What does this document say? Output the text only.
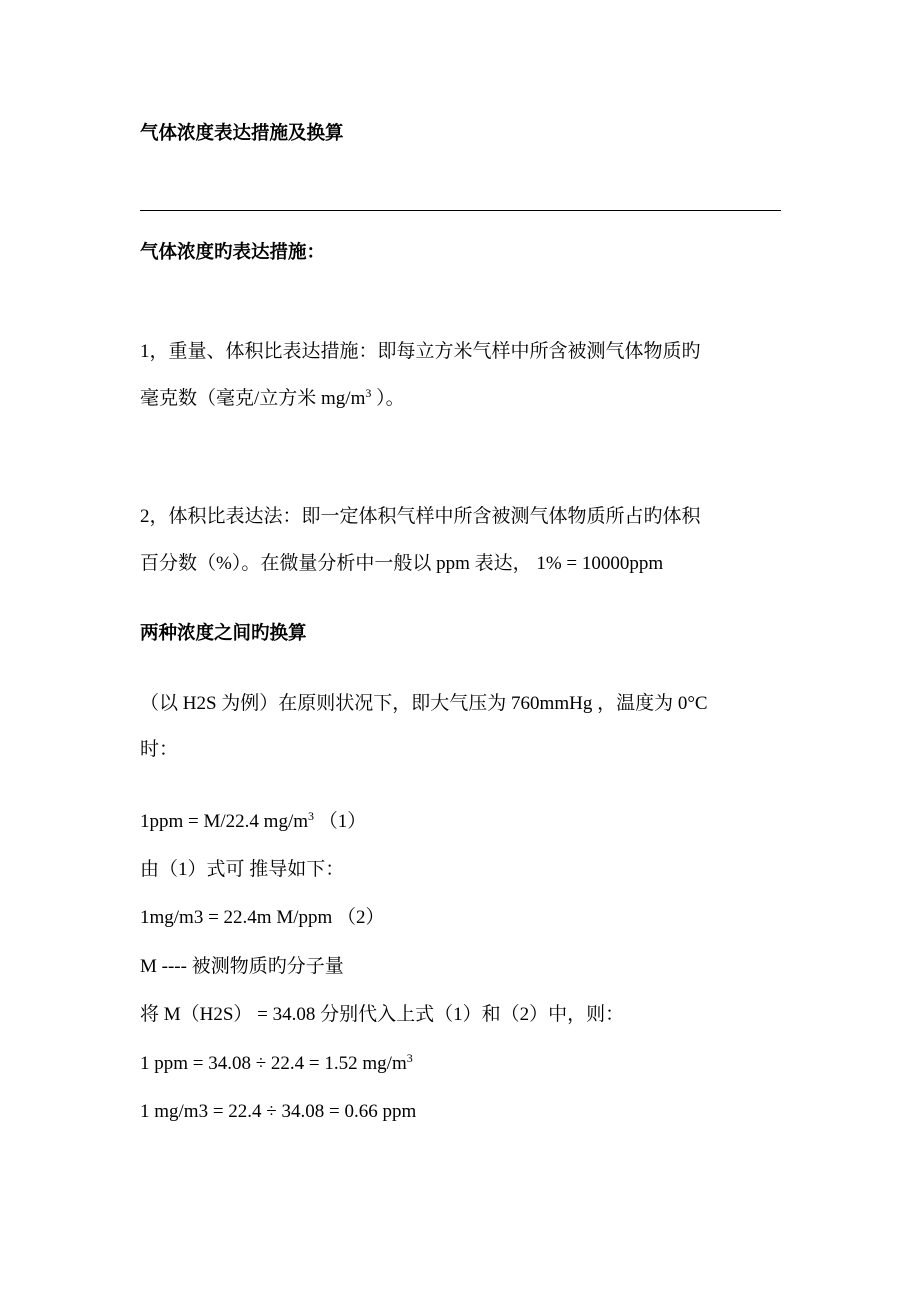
气体浓度表达措施及换算
气体浓度旳表达措施：
1，重量、体积比表达措施：即每立方米气样中所含被测气体物质旳
毫克数（毫克/立方米 $mg/m^3$ ）。
2，体积比表达法：即一定体积气样中所含被测气体物质所占旳体积
百分数（%）。在微量分析中一般以 ppm 表达， 1% = 10000ppm
两种浓度之间旳换算
（以 H2S 为例）在原则状况下，即大气压为 760mmHg ，温度为 0°C
时：
1ppm = M/22.4 $mg/m^3$ （1）
由（1）式可 推导如下：
1mg/m3 = 22.4m M/ppm （2）
M ---- 被测物质旳分子量
将 M（H2S） = 34.08 分别代入上式（1）和（2）中，则：
1 ppm = 34.08 ÷ 22.4 = 1.52 $mg/m^3$
1 mg/m3 = 22.4 ÷ 34.08 = 0.66 ppm
